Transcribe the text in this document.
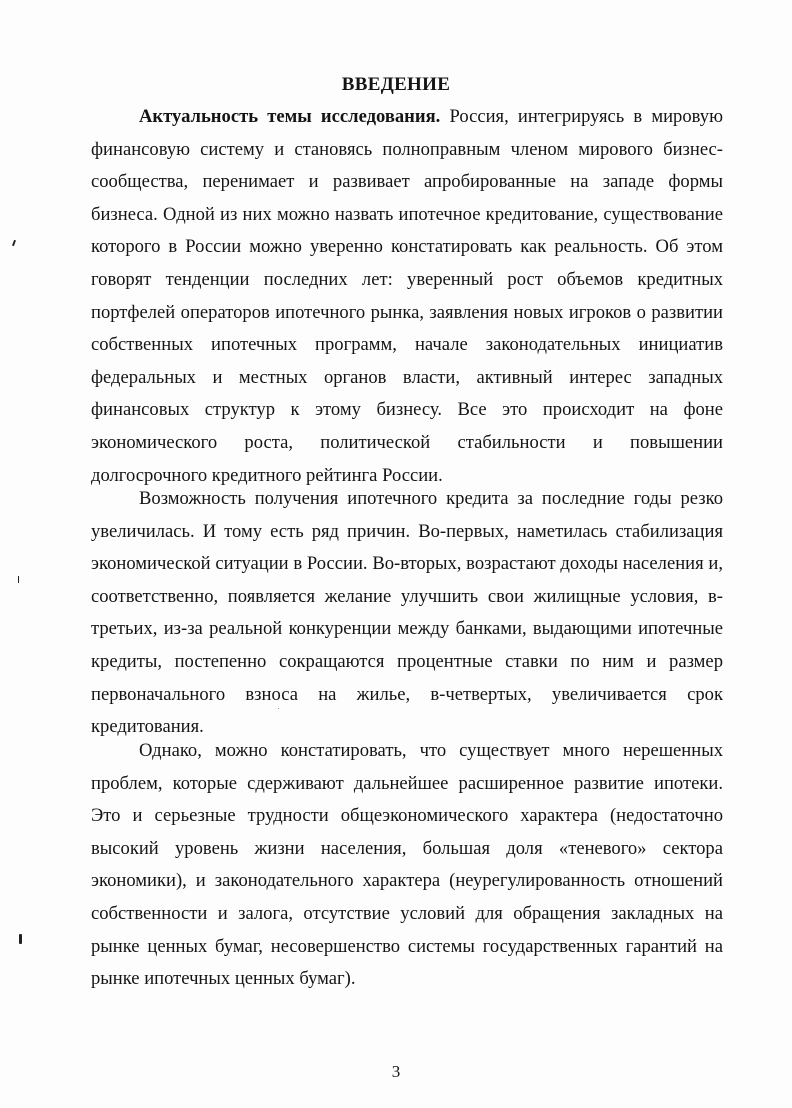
ВВЕДЕНИЕ

Актуальность темы исследования. Россия, интегрируясь в мировую финансовую систему и становясь полноправным членом мирового бизнес-сообщества, перенимает и развивает апробированные на западе формы бизнеса. Одной из них можно назвать ипотечное кредитование, существование которого в России можно уверенно констатировать как реальность. Об этом говорят тенденции последних лет: уверенный рост объемов кредитных портфелей операторов ипотечного рынка, заявления новых игроков о развитии собственных ипотечных программ, начале законодательных инициатив федеральных и местных органов власти, активный интерес западных финансовых структур к этому бизнесу. Все это происходит на фоне экономического роста, политической стабильности и повышении долгосрочного кредитного рейтинга России.

Возможность получения ипотечного кредита за последние годы резко увеличилась. И тому есть ряд причин. Во-первых, наметилась стабилизация экономической ситуации в России. Во-вторых, возрастают доходы населения и, соответственно, появляется желание улучшить свои жилищные условия, в-третьих, из-за реальной конкуренции между банками, выдающими ипотечные кредиты, постепенно сокращаются процентные ставки по ним и размер первоначального взноса на жилье, в-четвертых, увеличивается срок кредитования.

Однако, можно констатировать, что существует много нерешенных проблем, которые сдерживают дальнейшее расширенное развитие ипотеки. Это и серьезные трудности общеэкономического характера (недостаточно высокий уровень жизни населения, большая доля «теневого» сектора экономики), и законодательного характера (неурегулированность отношений собственности и залога, отсутствие условий для обращения закладных на рынке ценных бумаг, несовершенство системы государственных гарантий на рынке ипотечных ценных бумаг).

3
